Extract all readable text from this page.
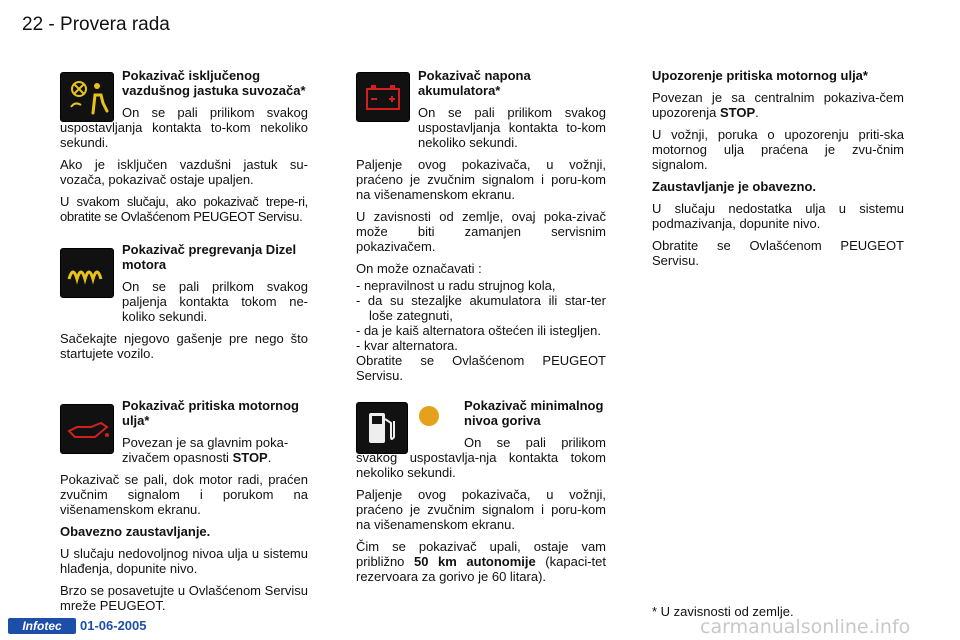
22 - Provera rada

Pokazivač isključenog vazdušnog jastuka suvozača*

On se pali prilikom svakog uspostavljanja kontakta to-kom nekoliko sekundi.

Ako je isključen vazdušni jastuk su-vozača, pokazivač ostaje upaljen.

U svakom slučaju, ako pokazivač trepe-ri, obratite se Ovlašćenom PEUGEOT Servisu.

Pokazivač pregrevanja Dizel motora

On se pali prilkom svakog paljenja kontakta tokom ne-koliko sekundi.

Sačekajte njegovo gašenje pre nego što startujete vozilo.

Pokazivač pritiska motornog ulja*

Povezan je sa glavnim poka-zivačem opasnosti STOP.

Pokazivač se pali, dok motor radi, praćen zvučnim signalom i porukom na višenamenskom ekranu.

Obavezno zaustavljanje.

U slučaju nedovoljnog nivoa ulja u sistemu hlađenja, dopunite nivo.

Brzo se posavetujte u Ovlašćenom Servisu mreže PEUGEOT.

Pokazivač napona akumulatora*

On se pali prilikom svakog uspostavljanja kontakta to-kom nekoliko sekundi.

Paljenje ovog pokazivača, u vožnji, praćeno je zvučnim signalom i poru-kom na višenamenskom ekranu.

U zavisnosti od zemlje, ovaj poka-zivač može biti zamanjen servisnim pokazivačem.

On može označavati :

- nepravilnost u radu strujnog kola,
- da su stezaljke akumulatora ili star-ter loše zategnuti,
- da je kaiš alternatora oštećen ili istegljen.
- kvar alternatora.

Obratite se Ovlašćenom PEUGEOT Servisu.

Pokazivač minimalnog nivoa goriva

On se pali prilikom svakog uspostavlja-nja kontakta tokom nekoliko sekundi.

Paljenje ovog pokazivača, u vožnji, praćeno je zvučnim signalom i poru-kom na višenamenskom ekranu.

Čim se pokazivač upali, ostaje vam približno 50 km autonomije (kapaci-tet rezervoara za gorivo je 60 litara).

Upozorenje pritiska motornog ulja*

Povezan je sa centralnim pokaziva-čem upozorenja STOP.

U vožnji, poruka o upozorenju priti-ska motornog ulja praćena je zvu-čnim signalom.

Zaustavljanje je obavezno.

U slučaju nedostatka ulja u sistemu podmazivanja, dopunite nivo.

Obratite se Ovlašćenom PEUGEOT Servisu.

* U zavisnosti od zemlje.
Infotec	01-06-2005	carmanualsonline.info
